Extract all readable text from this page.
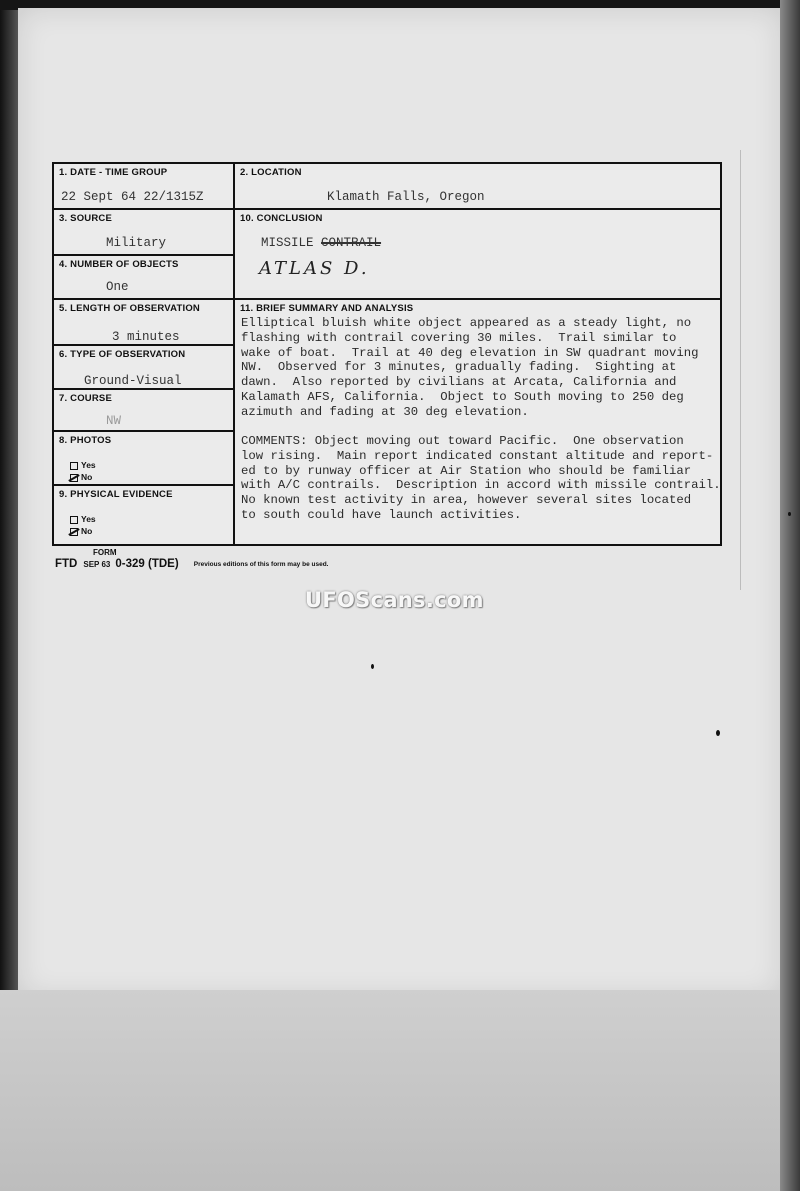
1. DATE - TIME GROUP
22 Sept 64 22/1315Z
2. LOCATION
Klamath Falls, Oregon
3. SOURCE
Military
4. NUMBER OF OBJECTS
One
10. CONCLUSION
MISSILE CONTRAIL
ATLAS D.
5. LENGTH OF OBSERVATION
3 minutes
6. TYPE OF OBSERVATION
Ground-Visual
7. COURSE
NW
8. PHOTOS
Yes
No
9. PHYSICAL EVIDENCE
Yes
No
11. BRIEF SUMMARY AND ANALYSIS
Elliptical bluish white object appeared as a steady light, no
flashing with contrail covering 30 miles.  Trail similar to
wake of boat.  Trail at 40 deg elevation in SW quadrant moving
NW.  Observed for 3 minutes, gradually fading.  Sighting at
dawn.  Also reported by civilians at Arcata, California and
Kalamath AFS, California.  Object to South moving to 250 deg
azimuth and fading at 30 deg elevation.
COMMENTS: Object moving out toward Pacific.  One observation
low rising.  Main report indicated constant altitude and report-
ed to by runway officer at Air Station who should be familiar
with A/C contrails.  Description in accord with missile contrail.
No known test activity in area, however several sites located
to south could have launch activities.
FORM
FTD SEP 63 0-329 (TDE) Previous editions of this form may be used.
UFOScans.com
